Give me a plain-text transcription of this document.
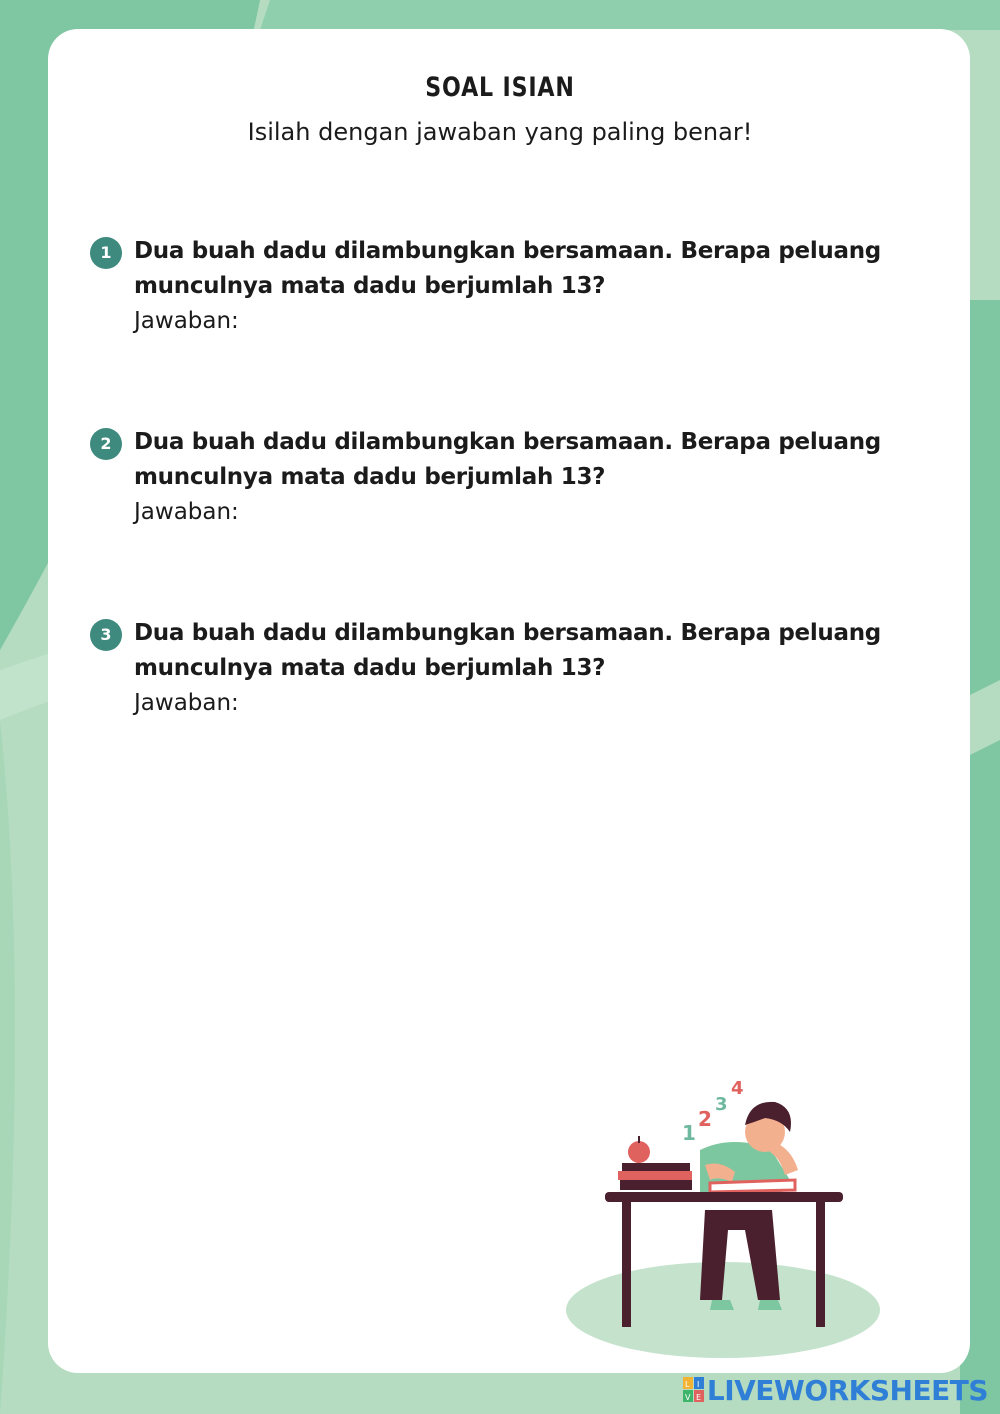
SOAL ISIAN
Isilah dengan jawaban yang paling benar!
1 Dua buah dadu dilambungkan bersamaan. Berapa peluang munculnya mata dadu berjumlah 13?
Jawaban:
2 Dua buah dadu dilambungkan bersamaan. Berapa peluang munculnya mata dadu berjumlah 13?
Jawaban:
3 Dua buah dadu dilambungkan bersamaan. Berapa peluang munculnya mata dadu berjumlah 13?
Jawaban:
1
2
3
4
L I
V E LIVEWORKSHEETS
